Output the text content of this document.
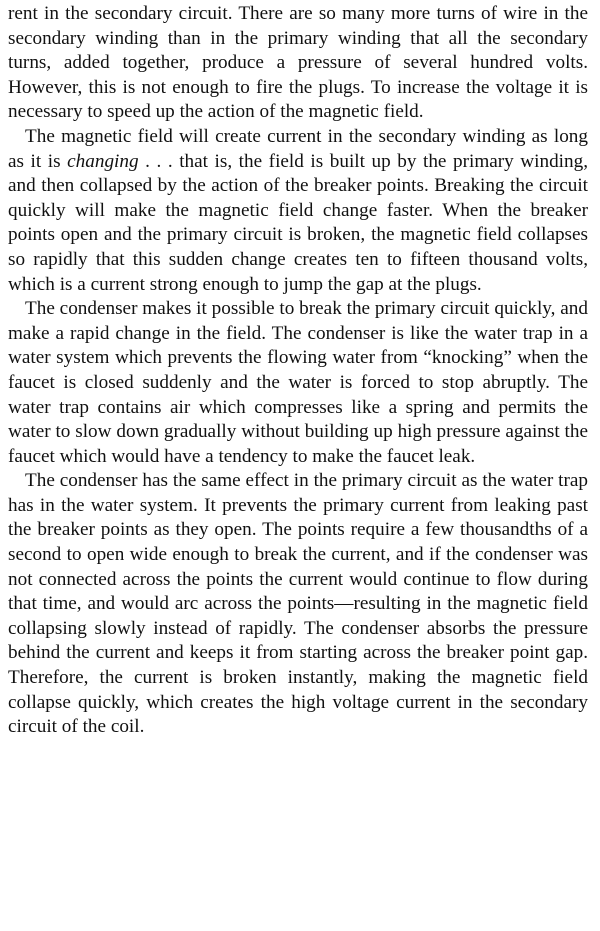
rent in the secondary circuit. There are so many more turns of wire in the secondary winding than in the primary winding that all the secondary turns, added together, produce a pressure of several hundred volts. However, this is not enough to fire the plugs. To increase the voltage it is necessary to speed up the action of the magnetic field.

The magnetic field will create current in the secondary winding as long as it is changing . . . that is, the field is built up by the primary winding, and then collapsed by the action of the breaker points. Breaking the circuit quickly will make the magnetic field change faster. When the breaker points open and the primary circuit is broken, the magnetic field collapses so rapidly that this sudden change creates ten to fifteen thousand volts, which is a current strong enough to jump the gap at the plugs.

The condenser makes it possible to break the primary circuit quickly, and make a rapid change in the field. The condenser is like the water trap in a water system which prevents the flowing water from “knocking” when the faucet is closed suddenly and the water is forced to stop abruptly. The water trap contains air which compresses like a spring and permits the water to slow down gradually without building up high pressure against the faucet which would have a tendency to make the faucet leak.

The condenser has the same effect in the primary circuit as the water trap has in the water system. It prevents the primary current from leaking past the breaker points as they open. The points require a few thousandths of a second to open wide enough to break the current, and if the condenser was not connected across the points the current would continue to flow during that time, and would arc across the points—resulting in the magnetic field collapsing slowly instead of rapidly. The condenser absorbs the pressure behind the current and keeps it from starting across the breaker point gap. Therefore, the current is broken instantly, making the magnetic field collapse quickly, which creates the high voltage current in the secondary circuit of the coil.
